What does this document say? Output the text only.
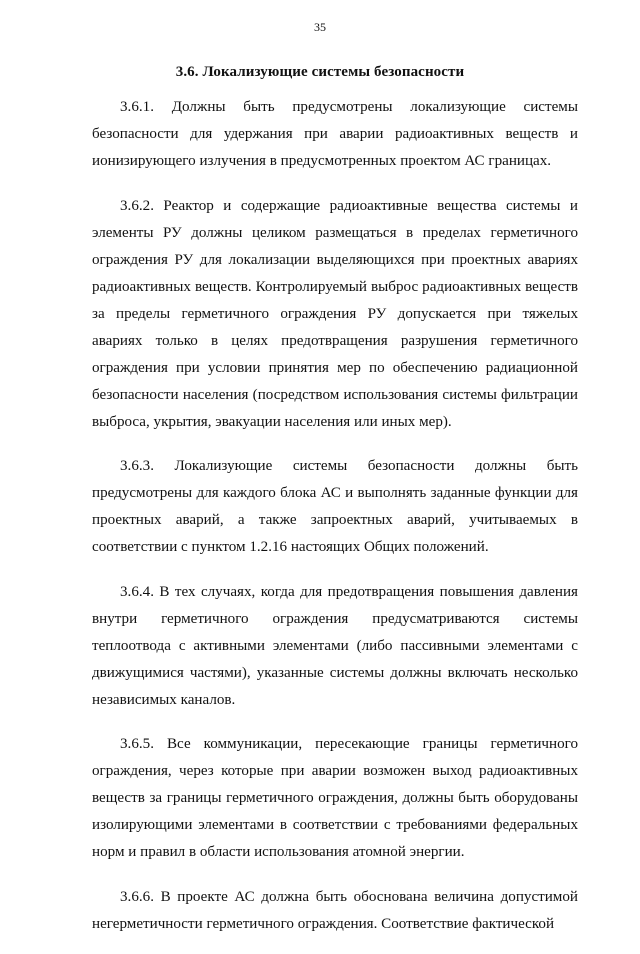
35
3.6. Локализующие системы безопасности

3.6.1. Должны быть предусмотрены локализующие системы безопасности для удержания при аварии радиоактивных веществ и ионизирующего излучения в предусмотренных проектом АС границах.

3.6.2. Реактор и содержащие радиоактивные вещества системы и элементы РУ должны целиком размещаться в пределах герметичного ограждения РУ для локализации выделяющихся при проектных авариях радиоактивных веществ. Контролируемый выброс радиоактивных веществ за пределы герметичного ограждения РУ допускается при тяжелых авариях только в целях предотвращения разрушения герметичного ограждения при условии принятия мер по обеспечению радиационной безопасности населения (посредством использования системы фильтрации выброса, укрытия, эвакуации населения или иных мер).

3.6.3. Локализующие системы безопасности должны быть предусмотрены для каждого блока АС и выполнять заданные функции для проектных аварий, а также запроектных аварий, учитываемых в соответствии с пунктом 1.2.16 настоящих Общих положений.

3.6.4. В тех случаях, когда для предотвращения повышения давления внутри герметичного ограждения предусматриваются системы теплоотвода с активными элементами (либо пассивными элементами с движущимися частями), указанные системы должны включать несколько независимых каналов.

3.6.5. Все коммуникации, пересекающие границы герметичного ограждения, через которые при аварии возможен выход радиоактивных веществ за границы герметичного ограждения, должны быть оборудованы изолирующими элементами в соответствии с требованиями федеральных норм и правил в области использования атомной энергии.

3.6.6. В проекте АС должна быть обоснована величина допустимой негерметичности герметичного ограждения. Соответствие фактической
